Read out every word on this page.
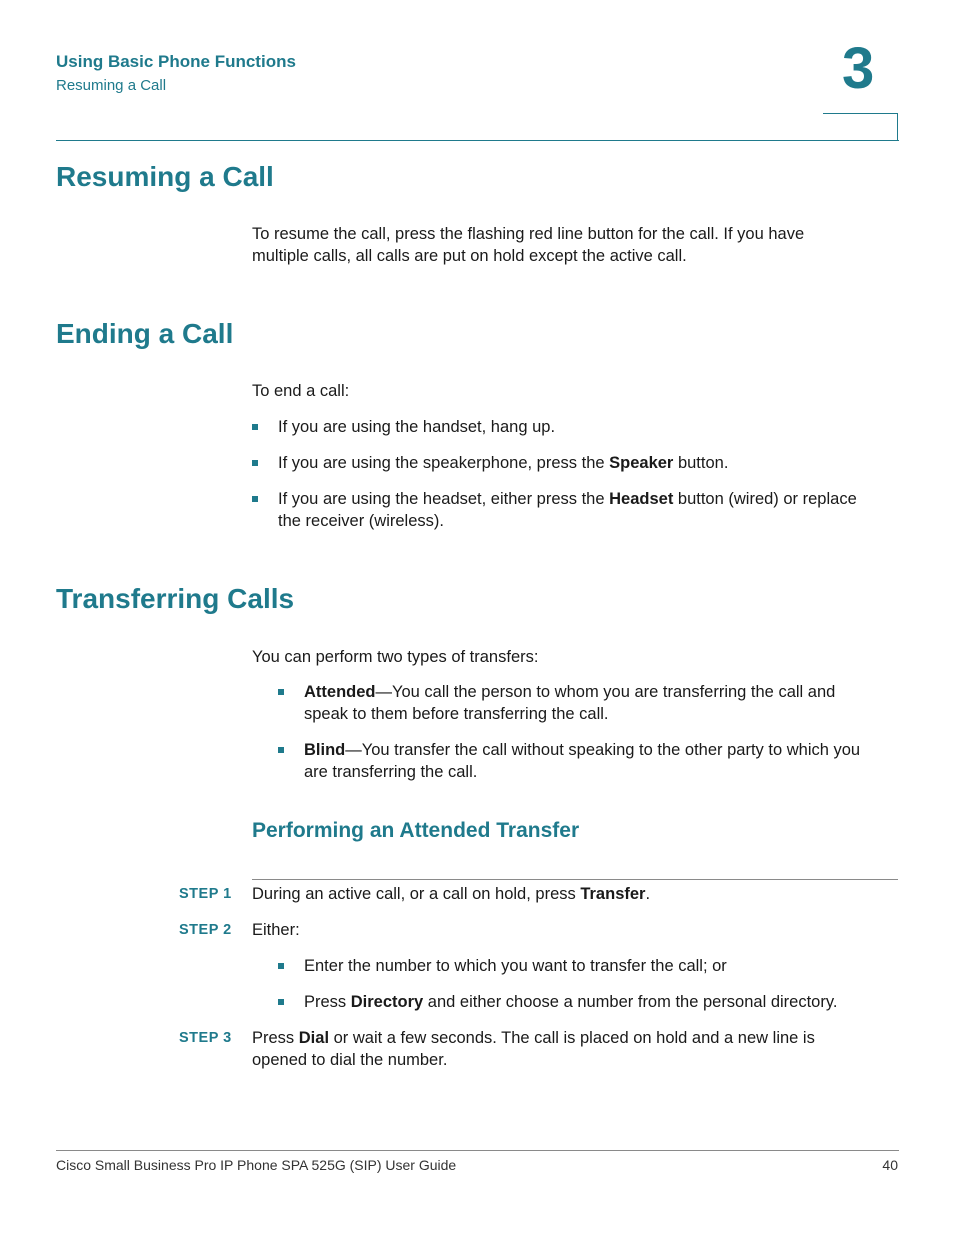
Using Basic Phone Functions
Resuming a Call	3
Resuming a Call
To resume the call, press the flashing red line button for the call. If you have
multiple calls, all calls are put on hold except the active call.
Ending a Call
To end a call:
If you are using the handset, hang up.
If you are using the speakerphone, press the Speaker button.
If you are using the headset, either press the Headset button (wired) or replace
the receiver (wireless).
Transferring Calls
You can perform two types of transfers:
Attended—You call the person to whom you are transferring the call and
speak to them before transferring the call.
Blind—You transfer the call without speaking to the other party to which you
are transferring the call.
Performing an Attended Transfer
STEP 1 During an active call, or a call on hold, press Transfer.
STEP 2 Either:
Enter the number to which you want to transfer the call; or
Press Directory and either choose a number from the personal directory.
STEP 3 Press Dial or wait a few seconds. The call is placed on hold and a new line is
opened to dial the number.
Cisco Small Business Pro IP Phone SPA 525G (SIP) User Guide	40
